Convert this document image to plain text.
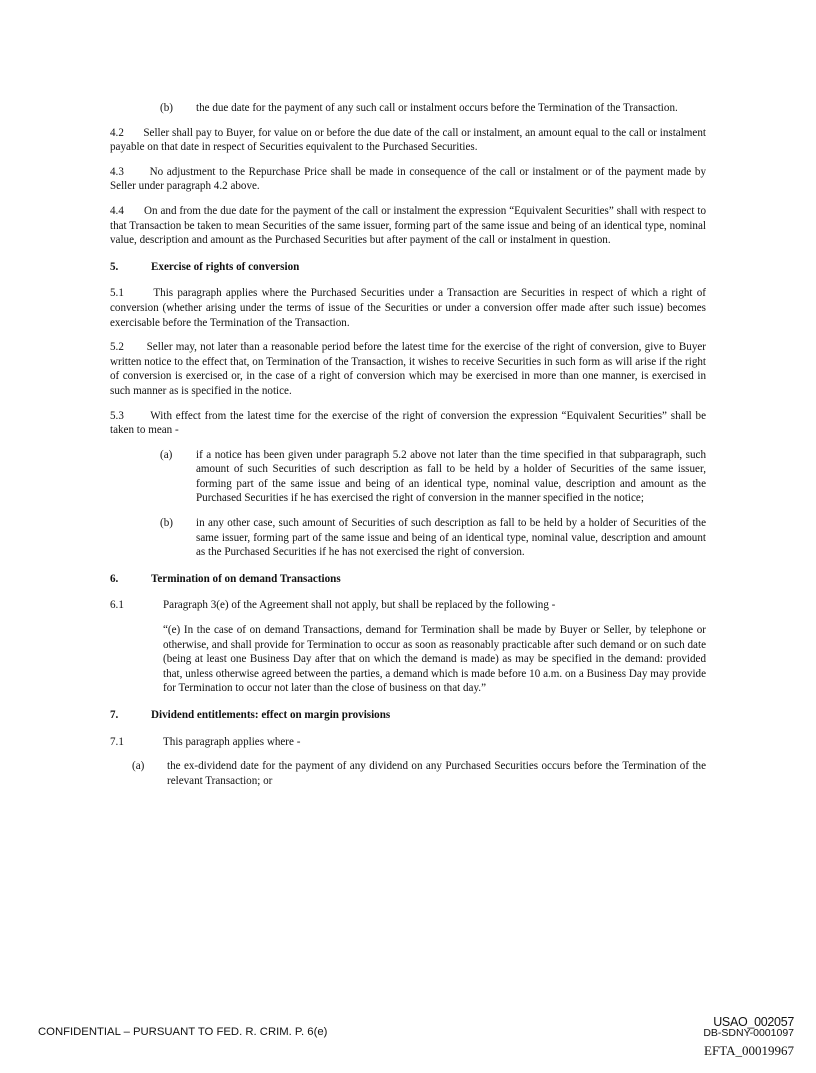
(b) the due date for the payment of any such call or instalment occurs before the Termination of the Transaction.

4.2 Seller shall pay to Buyer, for value on or before the due date of the call or instalment, an amount equal to the call or instalment payable on that date in respect of Securities equivalent to the Purchased Securities.

4.3 No adjustment to the Repurchase Price shall be made in consequence of the call or instalment or of the payment made by Seller under paragraph 4.2 above.

4.4 On and from the due date for the payment of the call or instalment the expression “Equivalent Securities” shall with respect to that Transaction be taken to mean Securities of the same issuer, forming part of the same issue and being of an identical type, nominal value, description and amount as the Purchased Securities but after payment of the call or instalment in question.

5.	Exercise of rights of conversion

5.1	This paragraph applies where the Purchased Securities under a Transaction are Securities in respect of which a right of conversion (whether arising under the terms of issue of the Securities or under a conversion offer made after such issue) becomes exercisable before the Termination of the Transaction.

5.2 Seller may, not later than a reasonable period before the latest time for the exercise of the right of conversion, give to Buyer written notice to the effect that, on Termination of the Transaction, it wishes to receive Securities in such form as will arise if the right of conversion is exercised or, in the case of a right of conversion which may be exercised in more than one manner, is exercised in such manner as is specified in the notice.

5.3 With effect from the latest time for the exercise of the right of conversion the expression “Equivalent Securities” shall be taken to mean -

(a) if a notice has been given under paragraph 5.2 above not later than the time specified in that subparagraph, such amount of such Securities of such description as fall to be held by a holder of Securities of the same issuer, forming part of the same issue and being of an identical type, nominal value, description and amount as the Purchased Securities if he has exercised the right of conversion in the manner specified in the notice;
(b) in any other case, such amount of Securities of such description as fall to be held by a holder of Securities of the same issuer, forming part of the same issue and being of an identical type, nominal value, description and amount as the Purchased Securities if he has not exercised the right of conversion.
6.	Termination of on demand Transactions
6.1	Paragraph 3(e) of the Agreement shall not apply, but shall be replaced by the following -
“(e) In the case of on demand Transactions, demand for Termination shall be made by Buyer or Seller, by telephone or otherwise, and shall provide for Termination to occur as soon as reasonably practicable after such demand or on such date (being at least one Business Day after that on which the demand is made) as may be specified in the demand: provided that, unless otherwise agreed between the parties, a demand which is made before 10 a.m. on a Business Day may provide for Termination to occur not later than the close of business on that day.”
7.	Dividend entitlements: effect on margin provisions
7.1	This paragraph applies where -
(a) the ex-dividend date for the payment of any dividend on any Purchased Securities occurs before the Termination of the relevant Transaction; or
CONFIDENTIAL – PURSUANT TO FED. R. CRIM. P. 6(e)
USAO_002057
DB-SDNY-0001097
EFTA_00019967
